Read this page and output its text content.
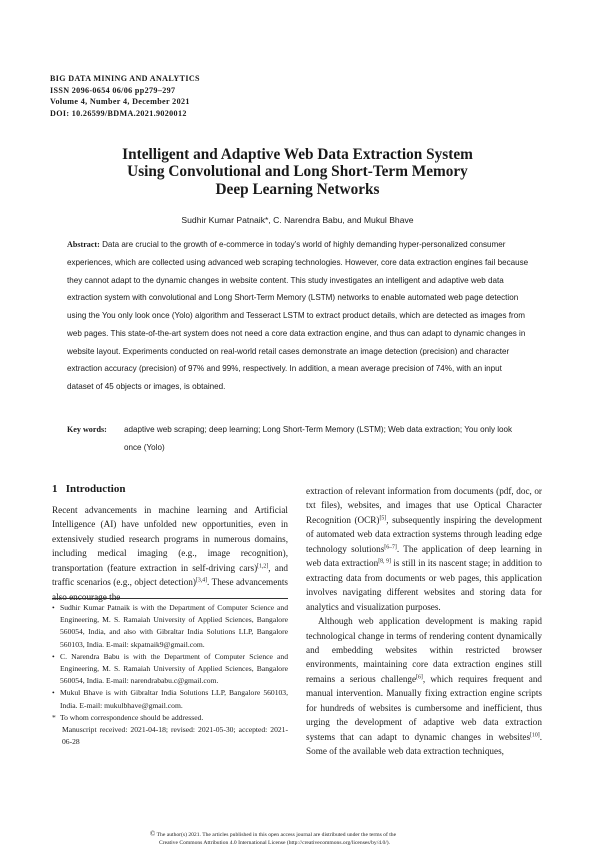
BIG DATA MINING AND ANALYTICS
ISSN 2096-0654 06/06 pp279–297
Volume 4, Number 4, December 2021
DOI: 10.26599/BDMA.2021.9020012
Intelligent and Adaptive Web Data Extraction System
Using Convolutional and Long Short-Term Memory
Deep Learning Networks
Sudhir Kumar Patnaik*, C. Narendra Babu, and Mukul Bhave
Abstract: Data are crucial to the growth of e-commerce in today’s world of highly demanding hyper-personalized consumer experiences, which are collected using advanced web scraping technologies. However, core data extraction engines fail because they cannot adapt to the dynamic changes in website content. This study investigates an intelligent and adaptive web data extraction system with convolutional and Long Short-Term Memory (LSTM) networks to enable automated web page detection using the You only look once (Yolo) algorithm and Tesseract LSTM to extract product details, which are detected as images from web pages. This state-of-the-art system does not need a core data extraction engine, and thus can adapt to dynamic changes in website layout. Experiments conducted on real-world retail cases demonstrate an image detection (precision) and character extraction accuracy (precision) of 97% and 99%, respectively. In addition, a mean average precision of 74%, with an input dataset of 45 objects or images, is obtained.
Key words: adaptive web scraping; deep learning; Long Short-Term Memory (LSTM); Web data extraction; You only look once (Yolo)
1 Introduction
Recent advancements in machine learning and Artificial Intelligence (AI) have unfolded new opportunities, even in extensively studied research programs in numerous domains, including medical imaging (e.g., image recognition), transportation (feature extraction in self-driving cars)[1,2], and traffic scenarios (e.g., object detection)[3,4]. These advancements also encourage the

• Sudhir Kumar Patnaik is with the Department of Computer Science and Engineering, M. S. Ramaiah University of Applied Sciences, Bangalore 560054, India, and also with Gibraltar India Solutions LLP, Bangalore 560103, India. E-mail: skpatnaik9@gmail.com.

• C. Narendra Babu is with the Department of Computer Science and Engineering, M. S. Ramaiah University of Applied Sciences, Bangalore 560054, India. E-mail: narendrababu.c@gmail.com.

• Mukul Bhave is with Gibraltar India Solutions LLP, Bangalore 560103, India. E-mail: mukulbhave@gmail.com.

* To whom correspondence should be addressed.

Manuscript received: 2021-04-18; revised: 2021-05-30; accepted: 2021-06-28

extraction of relevant information from documents (pdf, doc, or txt files), websites, and images that use Optical Character Recognition (OCR)[5], subsequently inspiring the development of automated web data extraction systems through leading edge technology solutions[6–7]. The application of deep learning in web data extraction[8, 9] is still in its nascent stage; in addition to extracting data from documents or web pages, this application involves navigating different websites and storing data for analytics and visualization purposes.

Although web application development is making rapid technological change in terms of rendering content dynamically and embedding websites within restricted browser environments, maintaining core data extraction engines still remains a serious challenge[6], which requires frequent and manual intervention. Manually fixing extraction engine scripts for hundreds of websites is cumbersome and inefficient, thus urging the development of adaptive web data extraction systems that can adapt to dynamic changes in websites[10]. Some of the available web data extraction techniques,

© The author(s) 2021. The articles published in this open access journal are distributed under the terms of the
Creative Commons Attribution 4.0 International License (http://creativecommons.org/licenses/by/4.0/).
